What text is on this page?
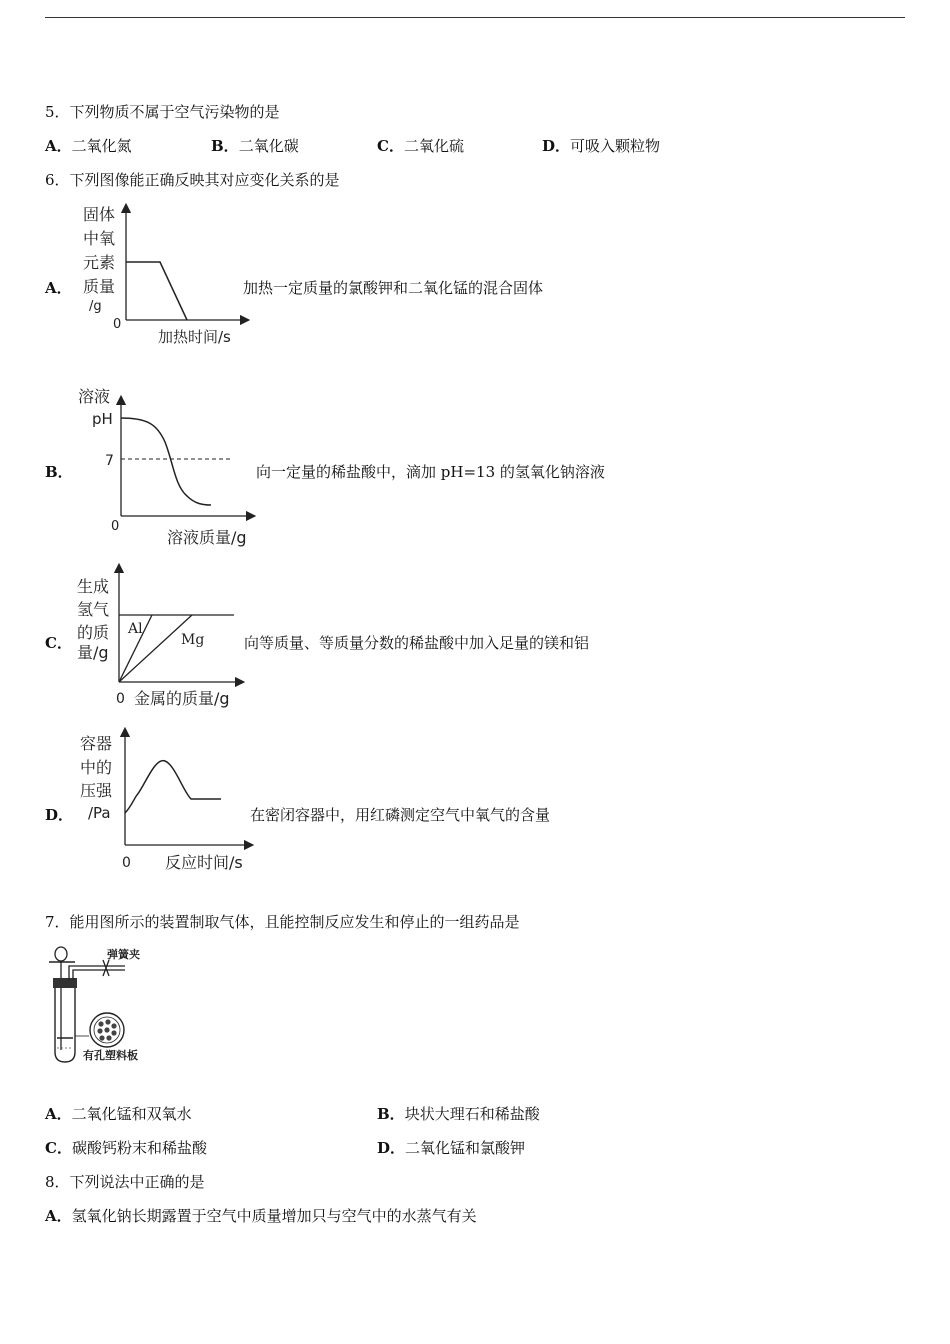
5．下列物质不属于空气污染物的是
A．二氧化氮	B．二氧化碳	C．二氧化硫	D．可吸入颗粒物
6．下列图像能正确反映其对应变化关系的是
A．
固体
中氧
元素
质量
/g
0
加热时间/s
加热一定质量的氯酸钾和二氧化锰的混合固体
B．
溶液
pH
7
0
溶液质量/g
向一定量的稀盐酸中，滴加 pH=13 的氢氧化钠溶液
C．
生成
氢气
的质
量/g
Al
Mg
0 金属的质量/g
向等质量、等质量分数的稀盐酸中加入足量的镁和铝
D．
容器
中的
压强
/Pa
0 反应时间/s
在密闭容器中，用红磷测定空气中氧气的含量
7．能用图所示的装置制取气体，且能控制反应发生和停止的一组药品是
弹簧夹
有孔塑料板
A．二氧化锰和双氧水	B．块状大理石和稀盐酸
C．碳酸钙粉末和稀盐酸	D．二氧化锰和氯酸钾
8．下列说法中正确的是
A．氢氧化钠长期露置于空气中质量增加只与空气中的水蒸气有关
